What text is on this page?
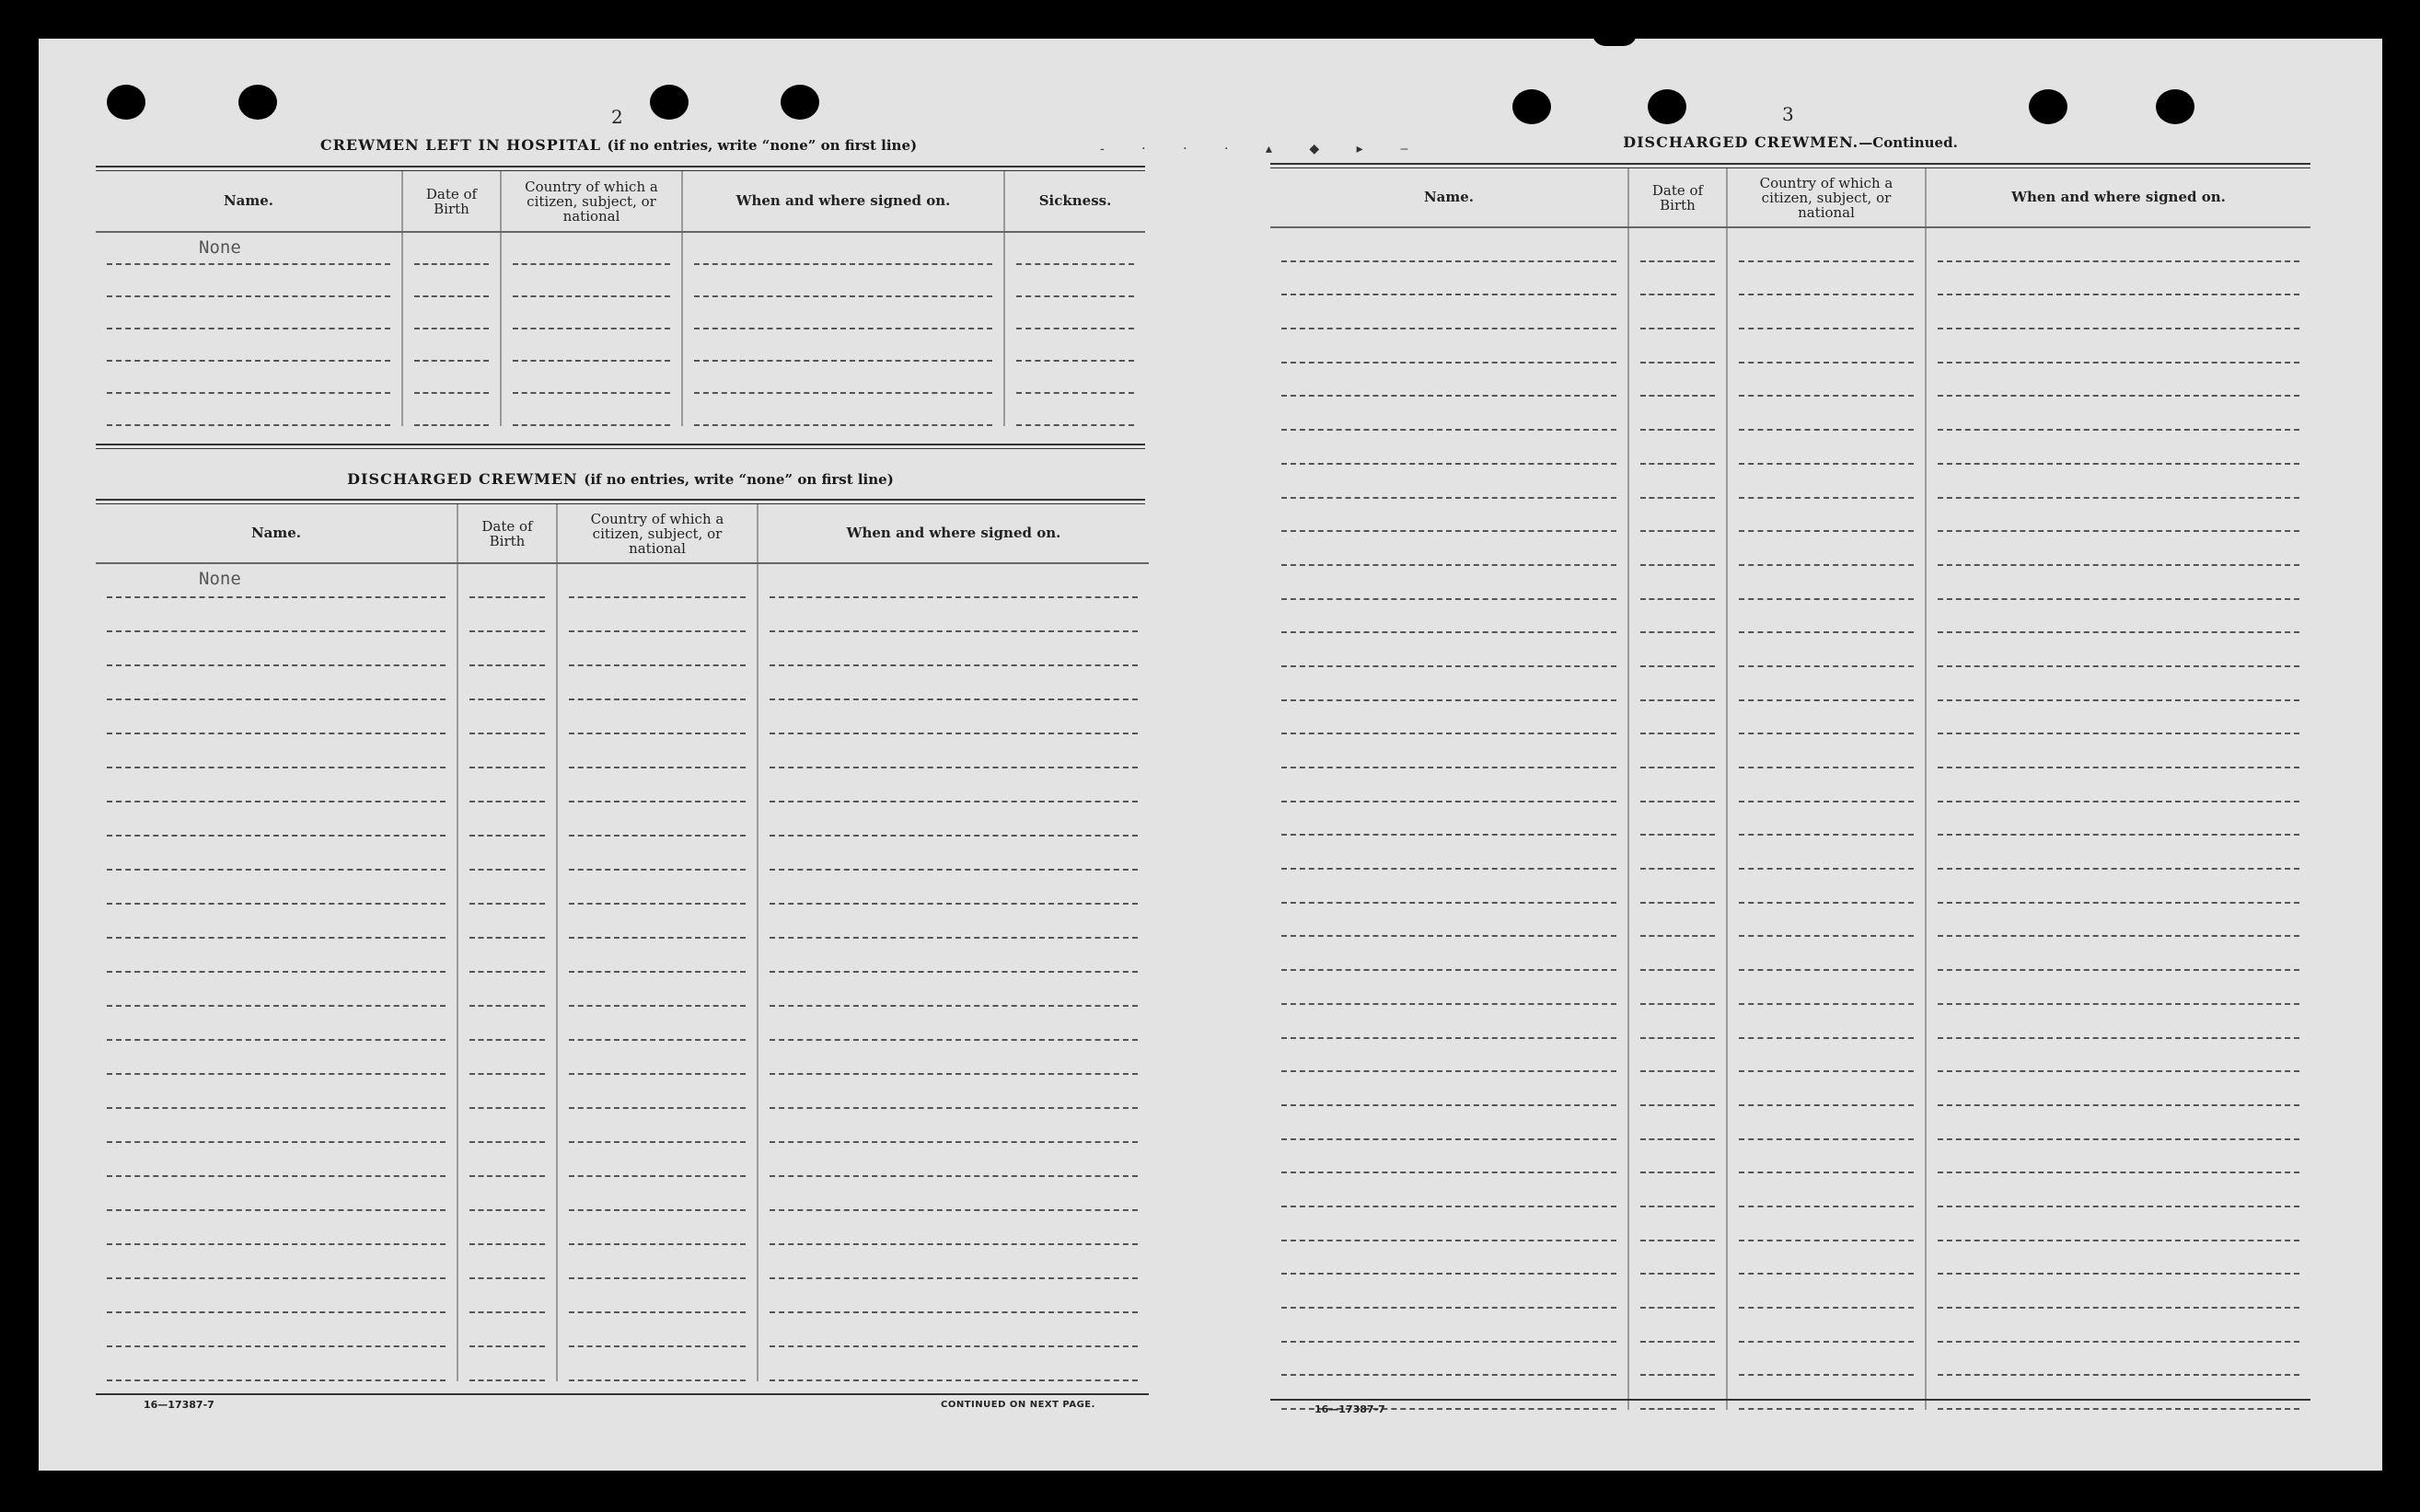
- · · · ▴ ◆ ▸ ‒
2
CREWMEN LEFT IN HOSPITAL (if no entries, write “none” on first line)
Name.	Date of Birth	Country of which a citizen, subject, or national	When and where signed on.	Sickness.

None				

DISCHARGED CREWMEN (if no entries, write “none” on first line)
Name.	Date of Birth	Country of which a citizen, subject, or national	When and where signed on.

None			

16—17387-7	CONTINUED ON NEXT PAGE.
3
DISCHARGED CREWMEN.—Continued.
Name.	Date of Birth	Country of which a citizen, subject, or national	When and where signed on.

16—17387-7
